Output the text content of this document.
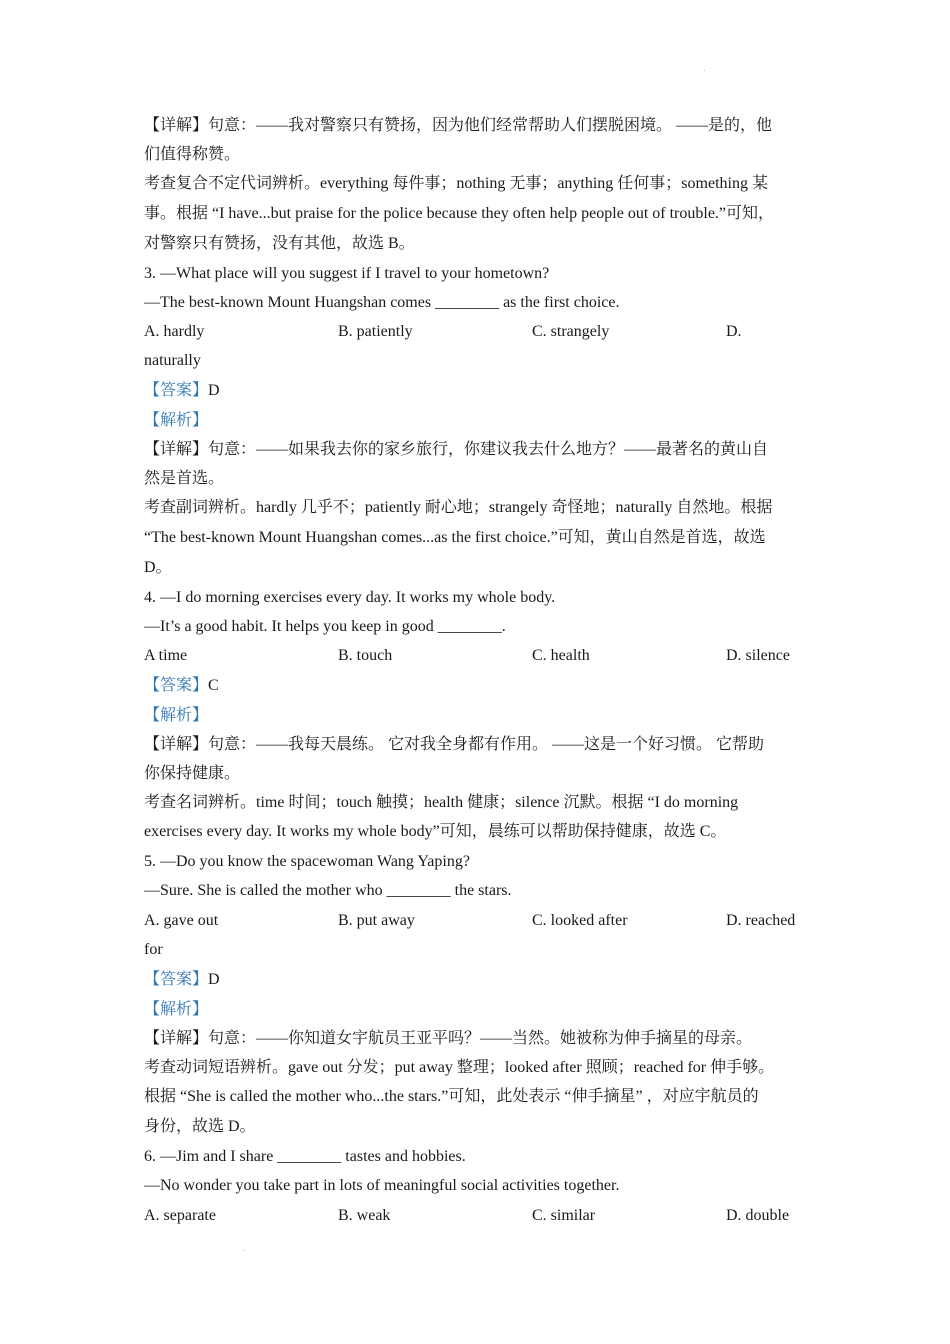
【详解】句意：——我对警察只有赞扬，因为他们经常帮助人们摆脱困境。 ——是的，他
们值得称赞。
考查复合不定代词辨析。everything 每件事；nothing 无事；anything 任何事；something 某
事。根据 “I have...but praise for the police because they often help people out of trouble.”可知，
对警察只有赞扬，没有其他，故选 B。
3. —What place will you suggest if I travel to your hometown?
—The best-known Mount Huangshan comes ________ as the first choice.
A. hardly	B. patiently	C. strangely	D.
naturally
【答案】D
【解析】
【详解】句意：——如果我去你的家乡旅行，你建议我去什么地方？——最著名的黄山自
然是首选。
考查副词辨析。hardly 几乎不；patiently 耐心地；strangely 奇怪地；naturally 自然地。根据
“The best-known Mount Huangshan comes...as the first choice.”可知，黄山自然是首选，故选
D。
4. —I do morning exercises every day. It works my whole body.
—It’s a good habit. It helps you keep in good ________.
A time	B. touch	C. health	D. silence
【答案】C
【解析】
【详解】句意：——我每天晨练。 它对我全身都有作用。 ——这是一个好习惯。 它帮助
你保持健康。
考查名词辨析。time 时间；touch 触摸；health 健康；silence 沉默。根据 “I do morning
exercises every day. It works my whole body”可知，晨练可以帮助保持健康，故选 C。
5. —Do you know the spacewoman Wang Yaping?
—Sure. She is called the mother who ________ the stars.
A. gave out	B. put away	C. looked after	D. reached
for
【答案】D
【解析】
【详解】句意：——你知道女宇航员王亚平吗？——当然。她被称为伸手摘星的母亲。
考查动词短语辨析。gave out 分发；put away 整理；looked after 照顾；reached for 伸手够。
根据 “She is called the mother who...the stars.”可知，此处表示 “伸手摘星” ，对应宇航员的
身份，故选 D。
6. —Jim and I share ________ tastes and hobbies.
—No wonder you take part in lots of meaningful social activities together.
A. separate	B. weak	C. similar	D. double
